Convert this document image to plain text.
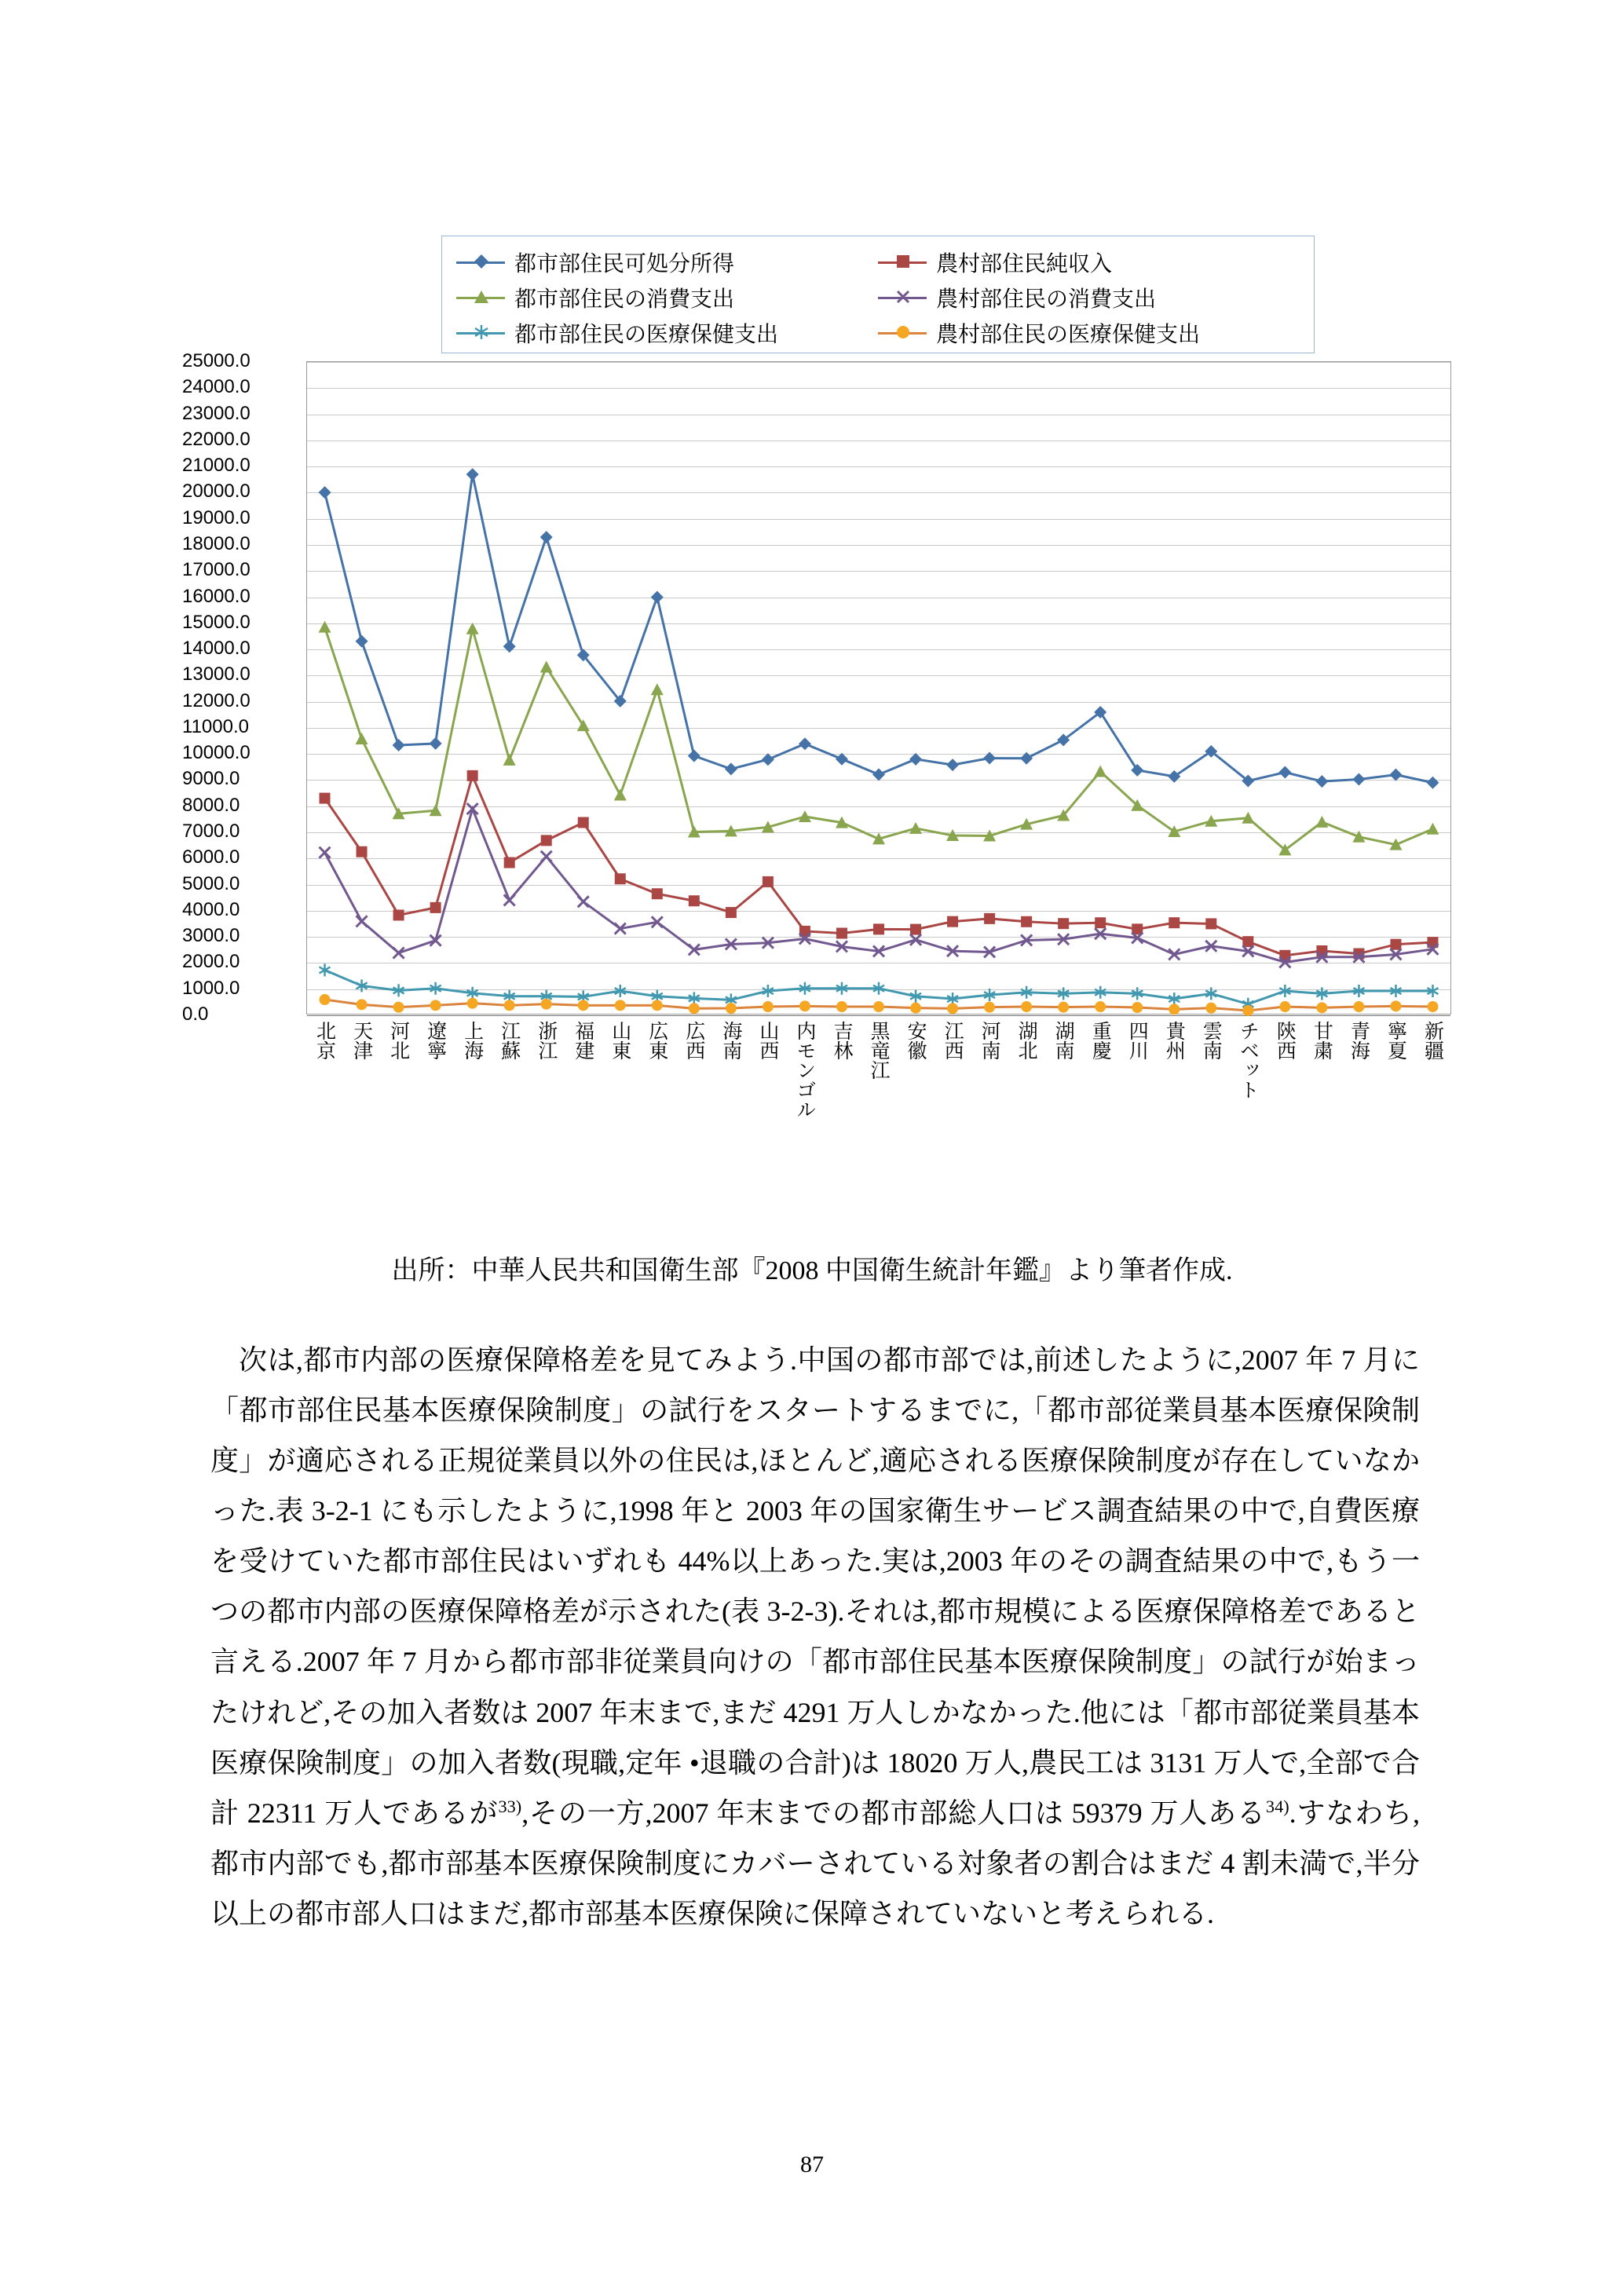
都市部住民可処分所得	農村部住民純収入
都市部住民の消費支出	農村部住民の消費支出
都市部住民の医療保健支出	農村部住民の医療保健支出
25000.0
24000.0
23000.0
22000.0
21000.0
20000.0
19000.0
18000.0
17000.0
16000.0
15000.0
14000.0
13000.0
12000.0
11000.0
10000.0
9000.0
8000.0
7000.0
6000.0
5000.0
4000.0
3000.0
2000.0
1000.0
0.0
北京 天津 河北 遼寧 上海 江蘇 浙江 福建 山東 広東 広西 海南 山西 内モンゴル 吉林 黒竜江 安徽 江西 河南 湖北 湖南 重慶 四川 貴州 雲南 チベット 陝西 甘粛 青海 寧夏 新疆
出所：中華人民共和国衛生部『2008 中国衛生統計年鑑』より筆者作成.

次は,都市内部の医療保障格差を見てみよう.中国の都市部では,前述したように,2007 年 7 月に「都市部住民基本医療保険制度」の試行をスタートするまでに,「都市部従業員基本医療保険制度」が適応される正規従業員以外の住民は,ほとんど,適応される医療保険制度が存在していなかった.表 3-2-1 にも示したように,1998 年と 2003 年の国家衛生サービス調査結果の中で,自費医療を受けていた都市部住民はいずれも 44%以上あった.実は,2003 年のその調査結果の中で,もう一つの都市内部の医療保障格差が示された(表 3-2-3).それは,都市規模による医療保障格差であると言える.2007 年 7 月から都市部非従業員向けの「都市部住民基本医療保険制度」の試行が始まったけれど,その加入者数は 2007 年末まで,まだ 4291 万人しかなかった.他には「都市部従業員基本医療保険制度」の加入者数(現職,定年 •退職の合計)は 18020 万人,農民工は 3131 万人で,全部で合計 22311 万人であるが$^{33)}$,その一方,2007 年末までの都市部総人口は 59379 万人ある$^{34)}$.すなわち,都市内部でも,都市部基本医療保険制度にカバーされている対象者の割合はまだ 4 割未満で,半分以上の都市部人口はまだ,都市部基本医療保険に保障されていないと考えられる.

87
